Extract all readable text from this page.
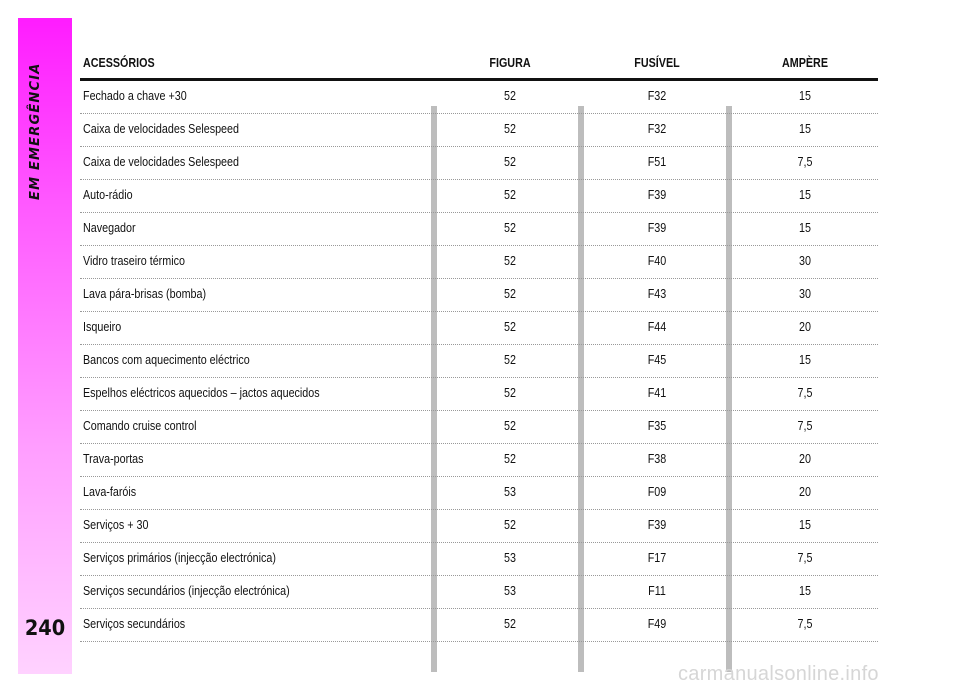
EM EMERGÊNCIA
240
ACESSÓRIOS	FIGURA	FUSÍVEL	AMPÈRE
Fechado a chave +30	52	F32	15
Caixa de velocidades Selespeed	52	F32	15
Caixa de velocidades Selespeed	52	F51	7,5
Auto-rádio	52	F39	15
Navegador	52	F39	15
Vidro traseiro térmico	52	F40	30
Lava pára-brisas (bomba)	52	F43	30
Isqueiro	52	F44	20
Bancos com aquecimento eléctrico	52	F45	15
Espelhos eléctricos aquecidos – jactos aquecidos	52	F41	7,5
Comando cruise control	52	F35	7,5
Trava-portas	52	F38	20
Lava-faróis	53	F09	20
Serviços + 30	52	F39	15
Serviços primários (injecção electrónica)	53	F17	7,5
Serviços secundários (injecção electrónica)	53	F11	15
Serviços secundários	52	F49	7,5
carmanualsonline.info
